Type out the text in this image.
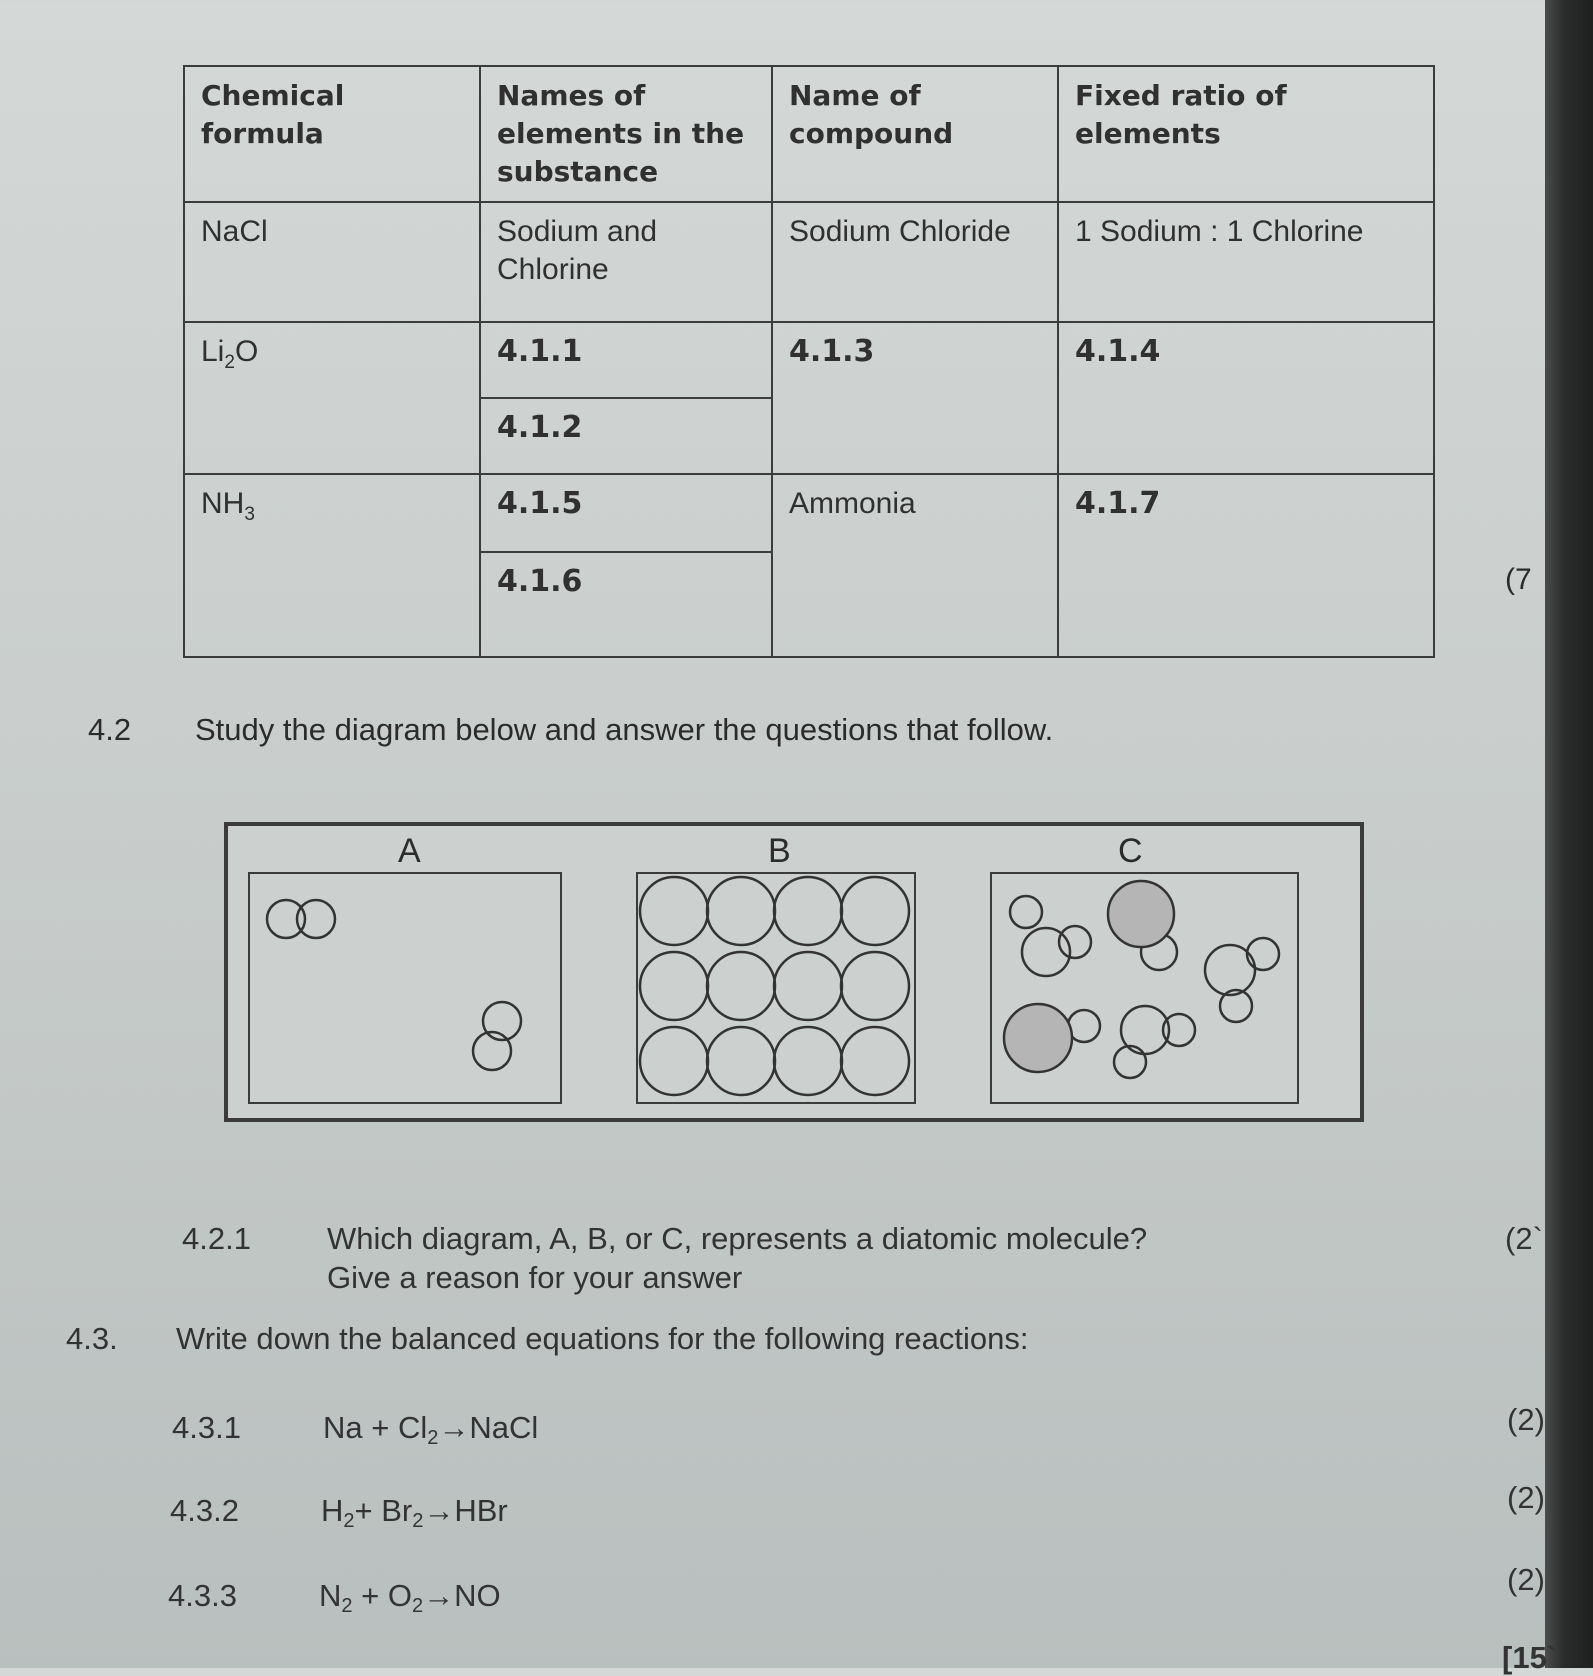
Chemical formula	Names of elements in the substance	Name of compound	Fixed ratio of elements
NaCl	Sodium and Chlorine	Sodium Chloride	1 Sodium : 1 Chlorine
$Li_2O$	4.1.1	4.1.3	4.1.4
	4.1.2		
$NH_3$	4.1.5	Ammonia	4.1.7
	4.1.6			(7
4.2 Study the diagram below and answer the questions that follow.
A	B	C
4.2.1 Which diagram, A, B, or C, represents a diatomic molecule?
Give a reason for your answer
(2`
4.3. Write down the balanced equations for the following reactions:
4.3.1	$Na + Cl_2\to NaCl$	(2)
4.3.2	$H_2+ Br_2\to HBr$	(2)
4.3.3	$N_2 + O_2\to NO$	(2)
[15`
